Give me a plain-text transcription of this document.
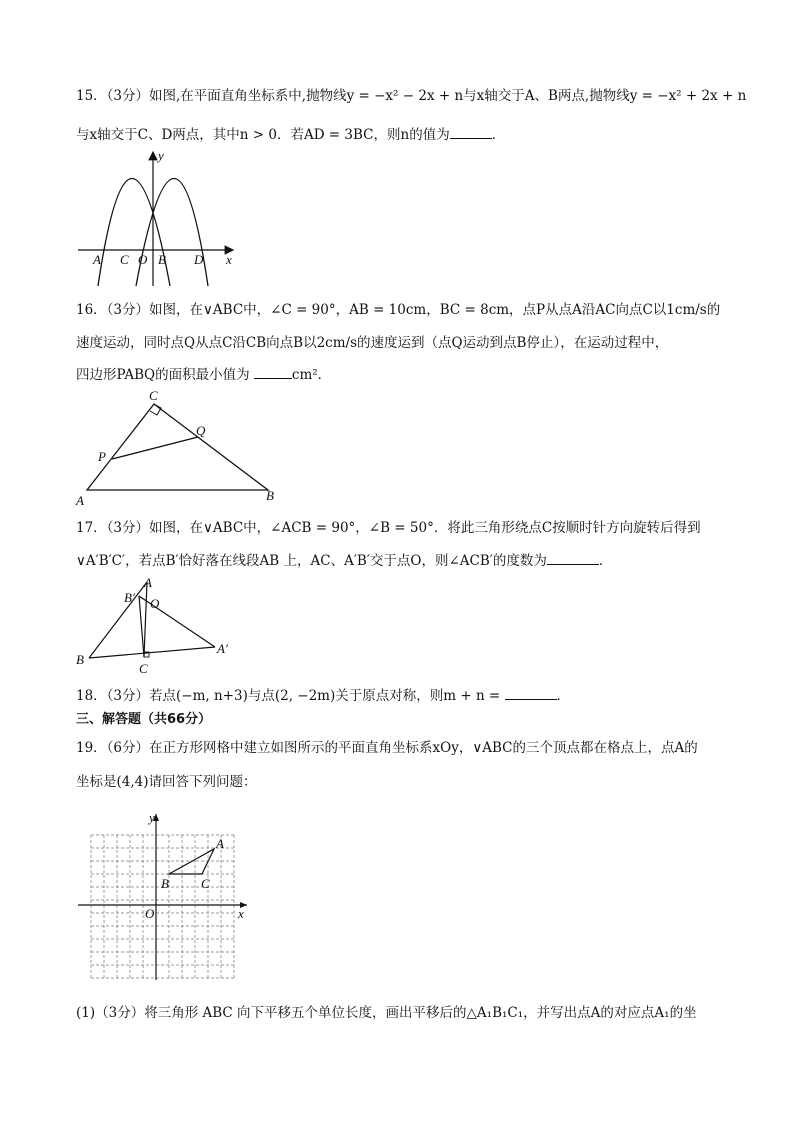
15．（3分）如图,在平面直角坐标系中,抛物线y = −x² − 2x + n与x轴交于A、B两点,抛物线y = −x² + 2x + n
与x轴交于C、D两点，其中n > 0．若AD = 3BC，则n的值为	．
y
x
A C O B D
16．（3分）如图，在∨ABC中，∠C = 90°，AB = 10cm，BC = 8cm，点P从点A沿AC向点C以1cm/s的
速度运动，同时点Q从点C沿CB向点B以2cm/s的速度运到（点Q运动到点B停止），在运动过程中，
四边形PABQ的面积最小值为	cm²．
C
Q
P
A	B
17．（3分）如图，在∨ABC中，∠ACB = 90°，∠B = 50°．将此三角形绕点C按顺时针方向旋转后得到
∨A′B′C′，若点B′恰好落在线段AB 上，AC、A′B′交于点O，则∠ACB′的度数为	．
A
B′ O
B
C
A′
18．（3分）若点(−m, n+3)与点(2, −2m)关于原点对称，则m + n =	．
三、解答题（共66分）
19．（6分）在正方形网格中建立如图所示的平面直角坐标系xOy，∨ABC的三个顶点都在格点上，点A的
坐标是(4,4)请回答下列问题：
y
x
O
A
B C
(1)（3分）将三角形 ABC 向下平移五个单位长度，画出平移后的△A₁B₁C₁，并写出点A的对应点A₁的坐
